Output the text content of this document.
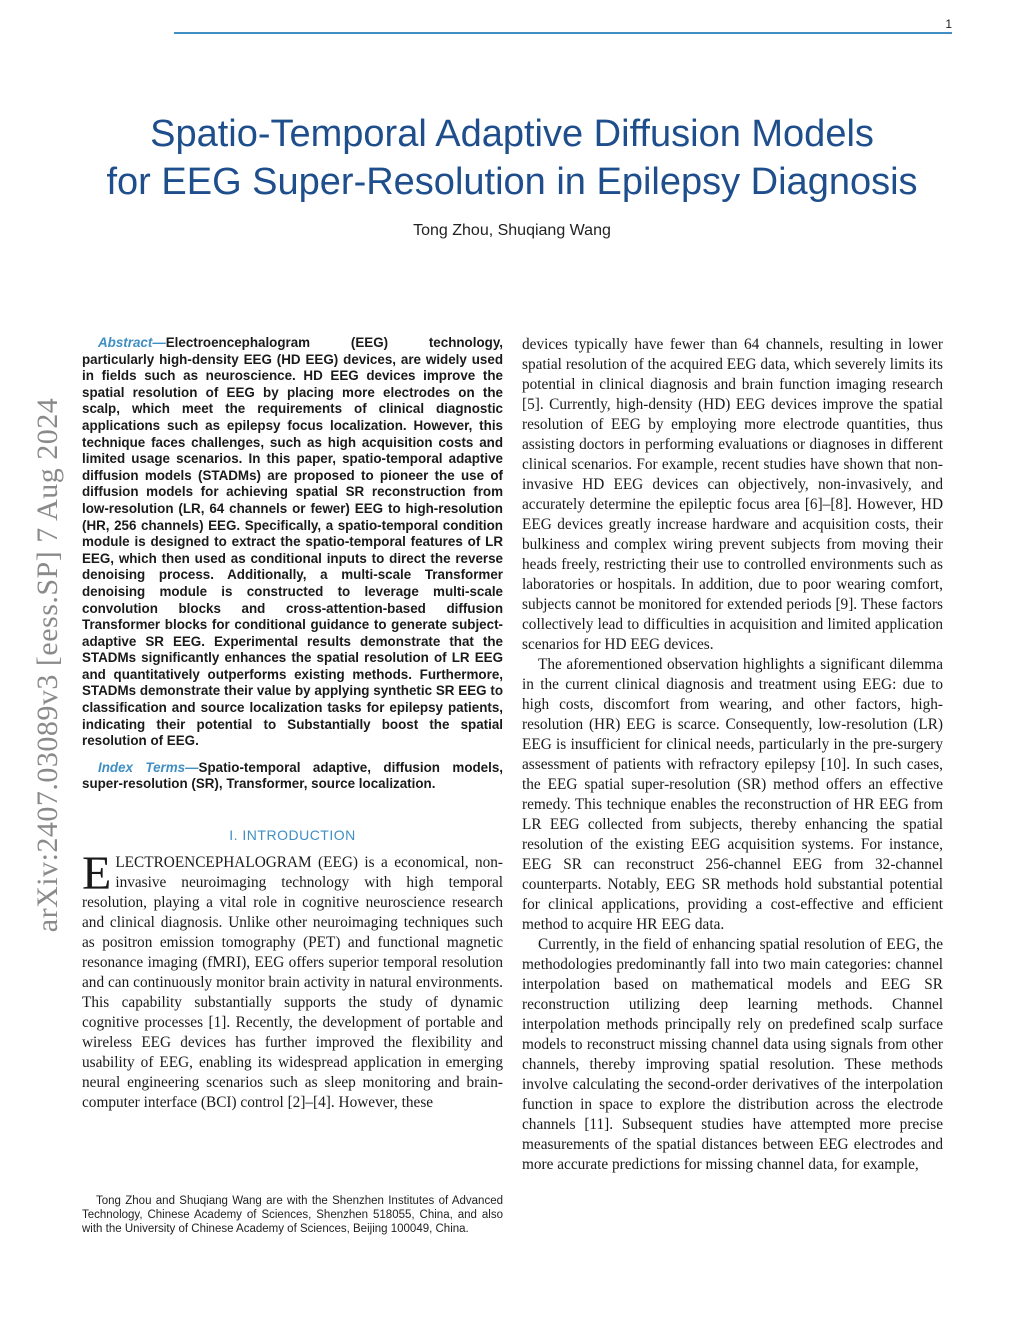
1
Spatio-Temporal Adaptive Diffusion Models
for EEG Super-Resolution in Epilepsy Diagnosis
Tong Zhou, Shuqiang Wang
arXiv:2407.03089v3 [eess.SP] 7 Aug 2024

Abstract—Electroencephalogram (EEG) technology, particularly high-density EEG (HD EEG) devices, are widely used in fields such as neuroscience. HD EEG devices improve the spatial resolution of EEG by placing more electrodes on the scalp, which meet the requirements of clinical diagnostic applications such as epilepsy focus localization. However, this technique faces challenges, such as high acquisition costs and limited usage scenarios. In this paper, spatio-temporal adaptive diffusion models (STADMs) are proposed to pioneer the use of diffusion models for achieving spatial SR reconstruction from low-resolution (LR, 64 channels or fewer) EEG to high-resolution (HR, 256 channels) EEG. Specifically, a spatio-temporal condition module is designed to extract the spatio-temporal features of LR EEG, which then used as conditional inputs to direct the reverse denoising process. Additionally, a multi-scale Transformer denoising module is constructed to leverage multi-scale convolution blocks and cross-attention-based diffusion Transformer blocks for conditional guidance to generate subject-adaptive SR EEG. Experimental results demonstrate that the STADMs significantly enhances the spatial resolution of LR EEG and quantitatively outperforms existing methods. Furthermore, STADMs demonstrate their value by applying synthetic SR EEG to classification and source localization tasks for epilepsy patients, indicating their potential to Substantially boost the spatial resolution of EEG.

Index Terms—Spatio-temporal adaptive, diffusion models, super-resolution (SR), Transformer, source localization.

I. INTRODUCTION

ELECTROENCEPHALOGRAM (EEG) is a economical, non-invasive neuroimaging technology with high temporal resolution, playing a vital role in cognitive neuroscience research and clinical diagnosis. Unlike other neuroimaging techniques such as positron emission tomography (PET) and functional magnetic resonance imaging (fMRI), EEG offers superior temporal resolution and can continuously monitor brain activity in natural environments. This capability substantially supports the study of dynamic cognitive processes [1]. Recently, the development of portable and wireless EEG devices has further improved the flexibility and usability of EEG, enabling its widespread application in emerging neural engineering scenarios such as sleep monitoring and brain-computer interface (BCI) control [2]–[4]. However, these

devices typically have fewer than 64 channels, resulting in lower spatial resolution of the acquired EEG data, which severely limits its potential in clinical diagnosis and brain function imaging research [5]. Currently, high-density (HD) EEG devices improve the spatial resolution of EEG by employing more electrode quantities, thus assisting doctors in performing evaluations or diagnoses in different clinical scenarios. For example, recent studies have shown that non-invasive HD EEG devices can objectively, non-invasively, and accurately determine the epileptic focus area [6]–[8]. However, HD EEG devices greatly increase hardware and acquisition costs, their bulkiness and complex wiring prevent subjects from moving their heads freely, restricting their use to controlled environments such as laboratories or hospitals. In addition, due to poor wearing comfort, subjects cannot be monitored for extended periods [9]. These factors collectively lead to difficulties in acquisition and limited application scenarios for HD EEG devices.

The aforementioned observation highlights a significant dilemma in the current clinical diagnosis and treatment using EEG: due to high costs, discomfort from wearing, and other factors, high-resolution (HR) EEG is scarce. Consequently, low-resolution (LR) EEG is insufficient for clinical needs, particularly in the pre-surgery assessment of patients with refractory epilepsy [10]. In such cases, the EEG spatial super-resolution (SR) method offers an effective remedy. This technique enables the reconstruction of HR EEG from LR EEG collected from subjects, thereby enhancing the spatial resolution of the existing EEG acquisition systems. For instance, EEG SR can reconstruct 256-channel EEG from 32-channel counterparts. Notably, EEG SR methods hold substantial potential for clinical applications, providing a cost-effective and efficient method to acquire HR EEG data.

Currently, in the field of enhancing spatial resolution of EEG, the methodologies predominantly fall into two main categories: channel interpolation based on mathematical models and EEG SR reconstruction utilizing deep learning methods. Channel interpolation methods principally rely on predefined scalp surface models to reconstruct missing channel data using signals from other channels, thereby improving spatial resolution. These methods involve calculating the second-order derivatives of the interpolation function in space to explore the distribution across the electrode channels [11]. Subsequent studies have attempted more precise measurements of the spatial distances between EEG electrodes and more accurate predictions for missing channel data, for example,

Tong Zhou and Shuqiang Wang are with the Shenzhen Institutes of Advanced Technology, Chinese Academy of Sciences, Shenzhen 518055, China, and also with the University of Chinese Academy of Sciences, Beijing 100049, China.
